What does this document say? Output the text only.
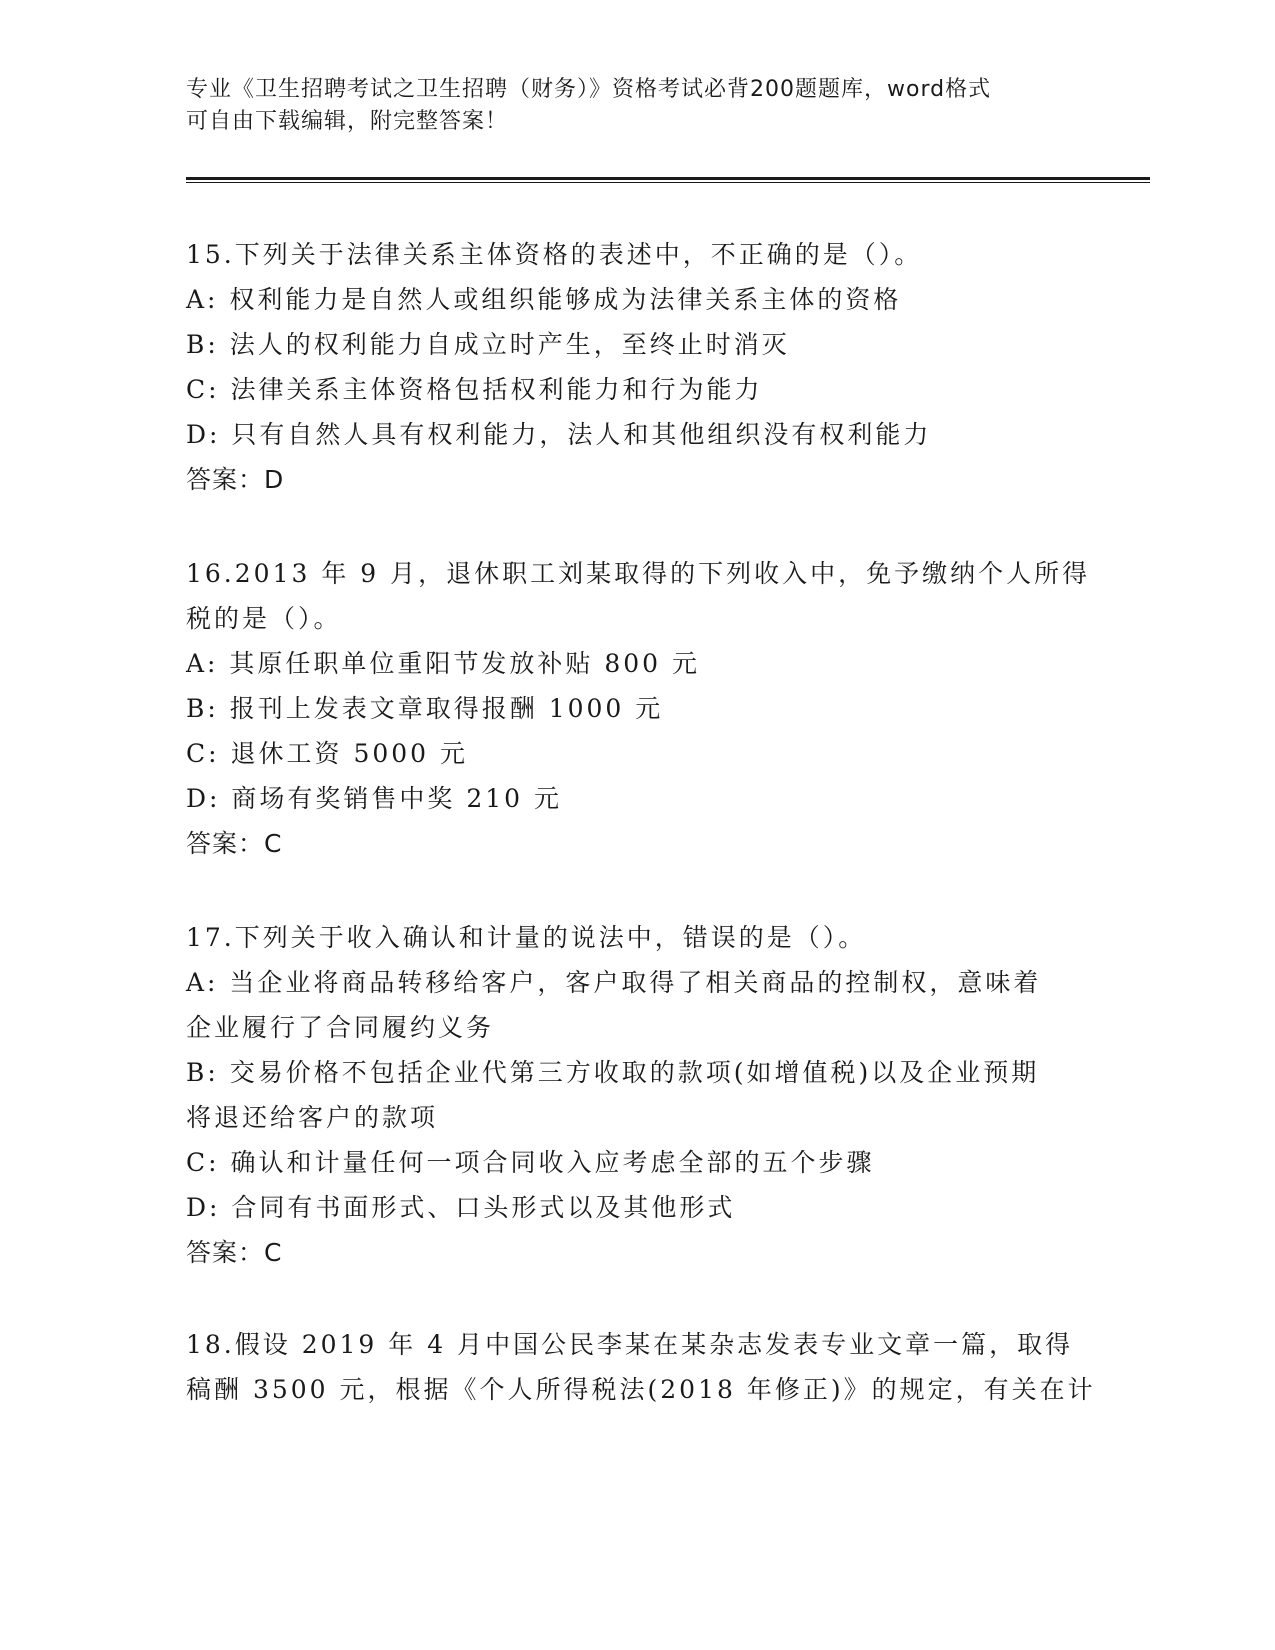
专业《卫生招聘考试之卫生招聘（财务）》资格考试必背200题题库，word格式
可自由下载编辑，附完整答案！
15.下列关于法律关系主体资格的表述中，不正确的是（）。
A: 权利能力是自然人或组织能够成为法律关系主体的资格
B: 法人的权利能力自成立时产生，至终止时消灭
C: 法律关系主体资格包括权利能力和行为能力
D: 只有自然人具有权利能力，法人和其他组织没有权利能力
答案：D
16.2013 年 9 月，退休职工刘某取得的下列收入中，免予缴纳个人所得
税的是（）。
A: 其原任职单位重阳节发放补贴 800 元
B: 报刊上发表文章取得报酬 1000 元
C: 退休工资 5000 元
D: 商场有奖销售中奖 210 元
答案：C
17.下列关于收入确认和计量的说法中，错误的是（）。
A: 当企业将商品转移给客户，客户取得了相关商品的控制权，意味着
企业履行了合同履约义务
B: 交易价格不包括企业代第三方收取的款项(如增值税)以及企业预期
将退还给客户的款项
C: 确认和计量任何一项合同收入应考虑全部的五个步骤
D: 合同有书面形式、口头形式以及其他形式
答案：C
18.假设 2019 年 4 月中国公民李某在某杂志发表专业文章一篇，取得
稿酬 3500 元，根据《个人所得税法(2018 年修正)》的规定，有关在计
